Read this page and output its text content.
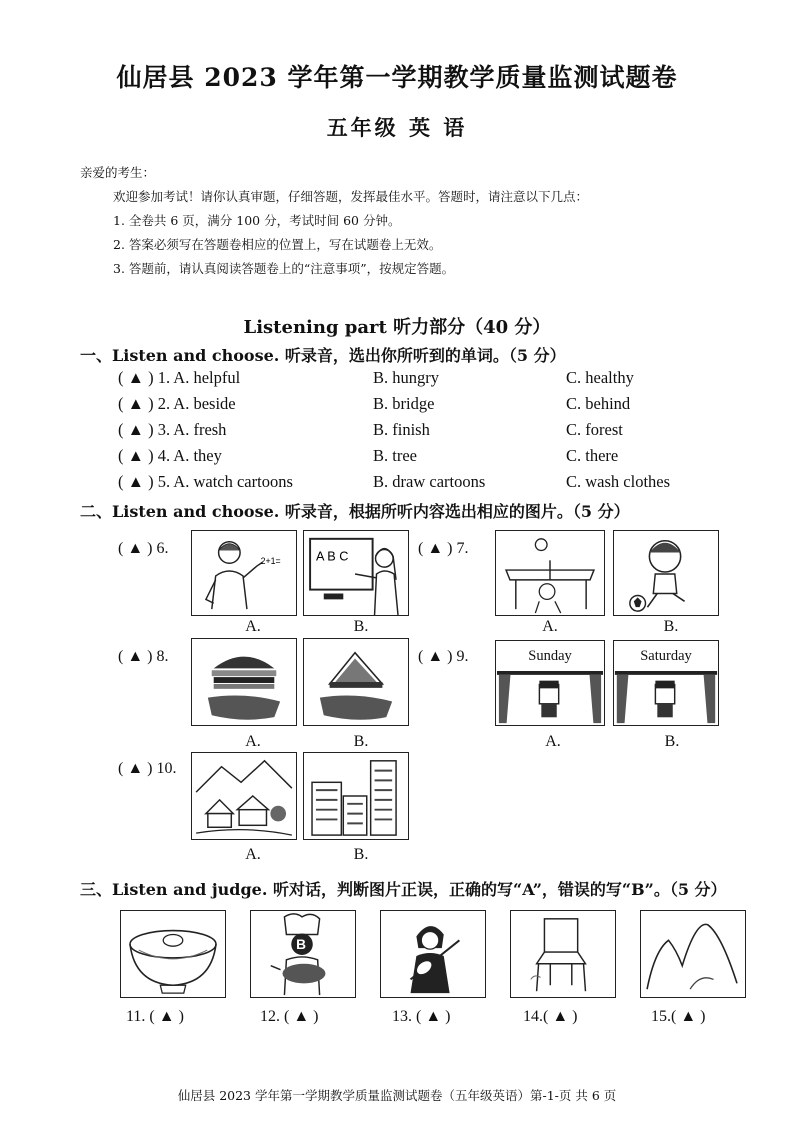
仙居县 2023 学年第一学期教学质量监测试题卷
五年级 英 语
亲爱的考生：
欢迎参加考试！请你认真审题，仔细答题，发挥最佳水平。答题时，请注意以下几点：
1. 全卷共 6 页，满分 100 分，考试时间 60 分钟。
2. 答案必须写在答题卷相应的位置上，写在试题卷上无效。
3. 答题前，请认真阅读答题卷上的“注意事项”，按规定答题。
Listening part 听力部分（40 分）
一、Listen and choose. 听录音，选出你所听到的单词。（5 分）
( ▲ ) 1. A. helpful	B. hungry	C. healthy
( ▲ ) 2. A. beside	B. bridge	C. behind
( ▲ ) 3. A. fresh	B. finish	C. forest
( ▲ ) 4. A. they	B. tree	C. there
( ▲ ) 5. A. watch cartoons	B. draw cartoons	C. wash clothes
二、Listen and choose. 听录音，根据所听内容选出相应的图片。（5 分）
( ▲ ) 6.
2+1=	A B C
A.	B.
( ▲ ) 7.
A.	B.
( ▲ ) 8.
A.	B.
( ▲ ) 9.	Sunday	Saturday
A.	B.
( ▲ ) 10.
A.	B.
三、Listen and judge. 听对话，判断图片正误，正确的写“A”，错误的写“B”。（5 分）
B
11. ( ▲ )	12. ( ▲ )	13. ( ▲ )	14.( ▲ )	15.( ▲ )
仙居县 2023 学年第一学期教学质量监测试题卷（五年级英语）第-1-页 共 6 页
